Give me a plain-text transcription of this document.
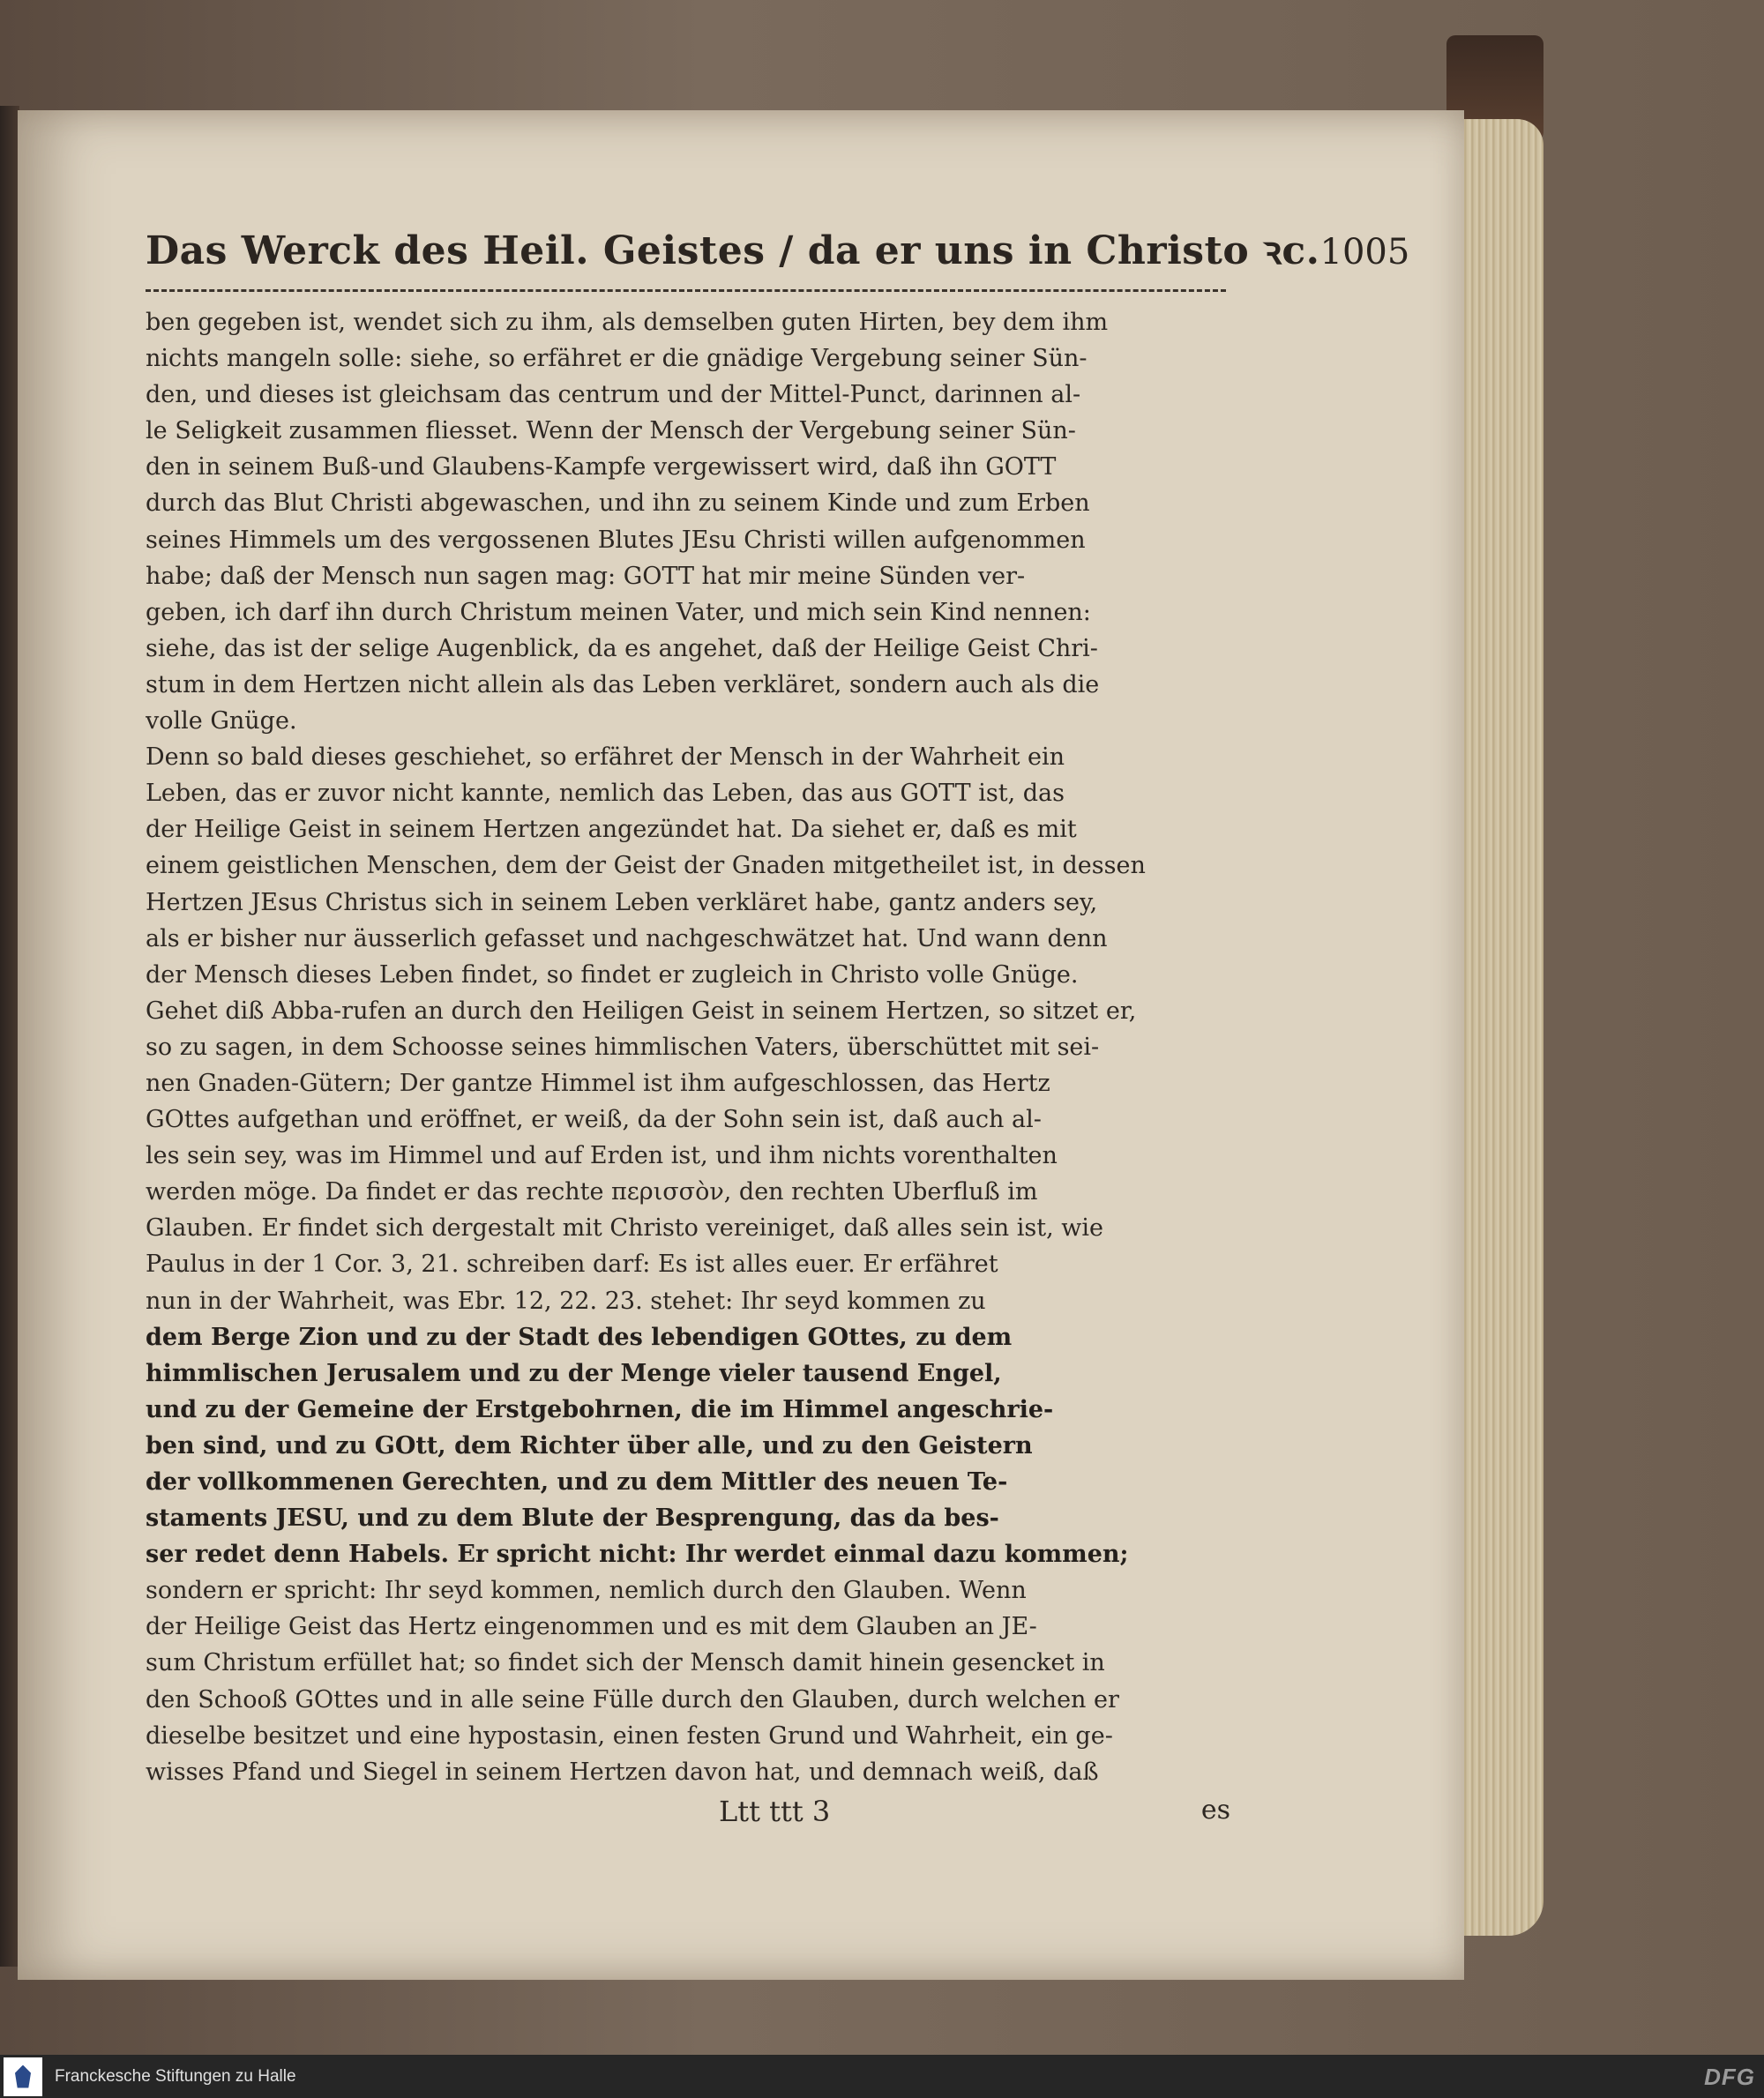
Das Werck des Heil. Geistes / da er uns in Christo ꝛc. 1005
ben gegeben ist, wendet sich zu ihm, als demselben guten Hirten, bey dem ihm
nichts mangeln solle: siehe, so erfähret er die gnädige Vergebung seiner Sün-
den, und dieses ist gleichsam das centrum und der Mittel-Punct, darinnen al-
le Seligkeit zusammen fliesset. Wenn der Mensch der Vergebung seiner Sün-
den in seinem Buß-und Glaubens-Kampfe vergewissert wird, daß ihn GOTT
durch das Blut Christi abgewaschen, und ihn zu seinem Kinde und zum Erben
seines Himmels um des vergossenen Blutes JEsu Christi willen aufgenommen
habe; daß der Mensch nun sagen mag: GOTT hat mir meine Sünden ver-
geben, ich darf ihn durch Christum meinen Vater, und mich sein Kind nennen:
siehe, das ist der selige Augenblick, da es angehet, daß der Heilige Geist Chri-
stum in dem Hertzen nicht allein als das Leben verkläret, sondern auch als die
volle Gnüge.
Denn so bald dieses geschiehet, so erfähret der Mensch in der Wahrheit ein
Leben, das er zuvor nicht kannte, nemlich das Leben, das aus GOTT ist, das
der Heilige Geist in seinem Hertzen angezündet hat. Da siehet er, daß es mit
einem geistlichen Menschen, dem der Geist der Gnaden mitgetheilet ist, in dessen
Hertzen JEsus Christus sich in seinem Leben verkläret habe, gantz anders sey,
als er bisher nur äusserlich gefasset und nachgeschwätzet hat. Und wann denn
der Mensch dieses Leben findet, so findet er zugleich in Christo volle Gnüge.
Gehet diß Abba-rufen an durch den Heiligen Geist in seinem Hertzen, so sitzet er,
so zu sagen, in dem Schoosse seines himmlischen Vaters, überschüttet mit sei-
nen Gnaden-Gütern; Der gantze Himmel ist ihm aufgeschlossen, das Hertz
GOttes aufgethan und eröffnet, er weiß, da der Sohn sein ist, daß auch al-
les sein sey, was im Himmel und auf Erden ist, und ihm nichts vorenthalten
werden möge. Da findet er das rechte περισσὸν, den rechten Uberfluß im
Glauben. Er findet sich dergestalt mit Christo vereiniget, daß alles sein ist, wie
Paulus in der 1 Cor. 3, 21. schreiben darf: Es ist alles euer. Er erfähret
nun in der Wahrheit, was Ebr. 12, 22. 23. stehet: Ihr seyd kommen zu
dem Berge Zion und zu der Stadt des lebendigen GOttes, zu dem
himmlischen Jerusalem und zu der Menge vieler tausend Engel,
und zu der Gemeine der Erstgebohrnen, die im Himmel angeschrie-
ben sind, und zu GOtt, dem Richter über alle, und zu den Geistern
der vollkommenen Gerechten, und zu dem Mittler des neuen Te-
staments JESU, und zu dem Blute der Besprengung, das da bes-
ser redet denn Habels. Er spricht nicht: Ihr werdet einmal dazu kommen;
sondern er spricht: Ihr seyd kommen, nemlich durch den Glauben. Wenn
der Heilige Geist das Hertz eingenommen und es mit dem Glauben an JE-
sum Christum erfüllet hat; so findet sich der Mensch damit hinein gesencket in
den Schooß GOttes und in alle seine Fülle durch den Glauben, durch welchen er
dieselbe besitzet und eine hypostasin, einen festen Grund und Wahrheit, ein ge-
wisses Pfand und Siegel in seinem Hertzen davon hat, und demnach weiß, daß
Ltt ttt 3	es
Franckesche Stiftungen zu Halle	DFG
